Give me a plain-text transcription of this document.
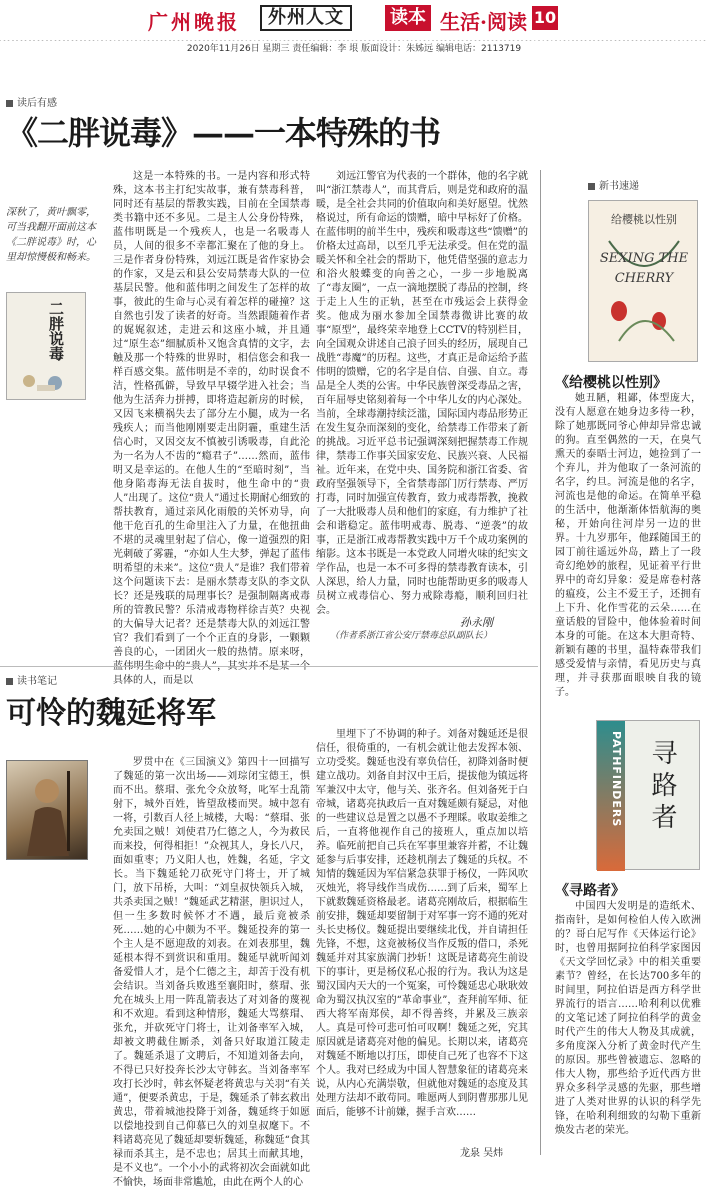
广州晚报	外州人文	读本 生活·阅读 10
2020年11月26日 星期三 责任编辑：李 垠 版面设计：朱姊远 编辑电话：2113719
读后有感
《二胖说毒》——一本特殊的书
深秋了，黄叶飘零，可当我翻开面前这本《二胖说毒》时，心里却惊慢极和畅来。
二胖说毒
这是一本特殊的书。一是内容和形式特殊，这本书主打纪实故事，兼有禁毒科普，同时还有基层的帮教实践，目前在全国禁毒类书籍中还不多见。二是主人公身份特殊，蓝伟明既是一个残疾人，也是一名吸毒人员，人间的很多不幸都汇聚在了他的身上。三是作者身份特殊，刘远江既是省作家协会的作家，又是云和县公安局禁毒大队的一位基层民警。他和蓝伟明之间发生了怎样的故事，彼此的生命与心灵有着怎样的碰撞？这自然也引发了读者的好奇。当然跟随着作者的娓娓叙述，走进云和这座小城，并且通过“原生态”细腻质朴又饱含真情的文字，去触及那一个特殊的世界时，相信您会和我一样百感交集。蓝伟明是不幸的，幼时误食不洁，性格孤僻，导致早早辍学进入社会；当他为生活奔力拼搏，即将造起新房的时候，又因飞来横祸失去了部分左小腿，成为一名残疾人；而当他刚刚要走出阴霾，重建生活信心时，又因交友不慎被引诱吸毒，自此沦为一名为人不齿的“瘾君子”……然而，蓝伟明又是幸运的。在他人生的“至暗时刻”，当他身陷毒海无法自拔时，他生命中的“贵人”出现了。这位“贵人”通过长期耐心细致的帮扶教育，通过亲风化雨般的关怀劝导，向他干危百孔的生命里注入了力量，在他扭曲不堪的灵魂里射起了信心，像一道强烈的阳光刺破了雾霾，“亦如人生大梦，弹起了蓝伟明希望的未来”。这位“贵人”是谁？我们带着这个问题读下去：是丽水禁毒支队的李文队长？还是残联的局理事长？是强制隔离戒毒所的管教民警？乐清戒毒物样徐吉英？央视的大偏导大记者？还是禁毒大队的刘远江警官？我们看到了一个个正直的身影，一颗颗善良的心，一团团火一般的热情。原来呀， 具体的人，而是以
刘远江警官为代表的一个群体，他的名字就叫“浙江禁毒人”，而其背后，则是党和政府的温暖，是全社会共同的价值取向和美好愿望。忧然格说过，所有命运的馈赠，暗中早标好了价格。在蓝伟明的前半生中，残疾和吸毒这些“馈赠”的价格太过高昂，以至几乎无法承受。但在党的温暖关怀和全社会的帮助下，他凭借坚强的意志力和浴火般蝶变的向善之心，一步一步地脱离了“毒友圈”，一点一滴地摆脱了毒品的控制，终于走上人生的正轨，甚至在市残运会上获得金奖。他成为丽水参加全国禁毒微讲比赛的故事“原型”，最终荣幸地登上CCTV的特别栏目，向全国观众讲述自己浪子回头的经历，展现自己战胜“毒魔”的历程。这些，才真正是命运给予蓝伟明的馈赠，它的名字是自信、自强、自立。毒品是全人类的公害。中华民族曾深受毒品之害，百年屈辱史铭刻着每一个中华儿女的内心深处。当前，全球毒潮持续泛滥，国际国内毒品形势正在发生复杂而深刻的变化，给禁毒工作带来了新的挑战。习近平总书记强调深刻把握禁毒工作规律，禁毒工作事关国家安危、民族兴衰、人民福祉。近年来，在党中央、国务院和浙江省委、省政府坚强领导下，全省禁毒部门厉行禁毒、严厉打毒，同时加强宣传教育，致力戒毒帮教，挽救了一大批吸毒人员和他们的家庭，有力维护了社会和谐稳定。蓝伟明戒毒、脱毒、“逆袭”的故事，正是浙江戒毒帮教实践中万千个成功案例的缩影。这本书既是一本党政人同增火味的纪实文学作品，也是一本不可多得的禁毒教育读本，引人深思，给人力量，同时也能帮助更多的吸毒人员树立戒毒信心、努力戒除毒瘾，顺利回归社会。
孙永刚
（作者系浙江省公安厅禁毒总队副队长）
新书速递
给樱桃以性别
SEXING THE CHERRY
《给樱桃以性别》
她丑陋，粗鄙，体型庞大，没有人愿意在她身边多待一秒，除了她那既同爷心伸却异常忠诚的狗。直至偶然的一天，在臭气熏天的泰晤士河边，她捡到了一个弃儿，并为他取了一条河流的名字，约旦。河流是他的名字，河流也是他的命运。在简单平稳的生活中，他渐渐体悟航海的奥秘，开始向往河岸另一边的世界。十九岁那年，他踩随国王的园丁前往遥远外岛，踏上了一段奇幻绝妙的旅程，见证着平行世界中的奇幻异象：爱是席卷村落的瘟疫，公主不爱王子，还拥有上下升、化作雪花的云朵……在童话般的冒险中，他体验着时间本身的可能。在这本大胆奇特、新颖有趣的书里，温特森带我们感受爱情与亲情，看见历史与真理，并寻获那面眼映自我的镜子。
PATHFINDERS 寻路者
《寻路者》
中国四大发明是的造纸术、指南针，是如何检伯人传入欧洲的？哥白尼写作《天体运行论》时，也曾用据阿拉伯科学家图因《天文学回忆录》中的相关重要素节？曾经，在长达700多年的时间里，阿拉伯语是西方科学世界流行的语言……哈利利以优雅的文笔记述了阿拉伯科学的黄金时代产生的伟大人物及其成就，多角度深入分析了黄金时代产生的原因。那些曾被遗忘、忽略的伟大人物，那些给予近代西方世界众多科学灵感的先驱，那些增进了人类对世界的认识的科学先锋，在哈利利细致的勾勒下重新焕发古老的荣光。
读书笔记
可怜的魏延将军
罗贯中在《三国演义》第四十一回描写了魏延的第一次出场——刘琮闭宝德王，惧而不出。蔡瑁、张允令众放弩，叱军士乱箭射下，城外百姓，皆望敌楼而哭。城中忽有一将，引数百人径上城楼，大喝：“蔡瑁、张允卖国之贼！刘使君乃仁德之人，今为救民而来投，何得相拒！”众视其人，身长八尺，面如重枣；乃义阳人也，姓魏，名延，字文长。当下魏延轮刀砍死守门将士，开了城门，放下吊桥，大叫：“刘皇叔快领兵入城，共杀卖国之贼！”魏延武艺精湛，胆识过人，但一生多数时候怀才不遇，最后竟被杀死……她的心中颇为不平。魏延投奔的第一个主人是不愿迎敌的刘表。在刘表那里，魏延根本得不到赏识和重用。魏延早就听闻刘备爱惜人才，是个仁德之主，却苦于没有机会结识。当刘备兵败逃至襄阳时，蔡瑁、张允在城头上用一阵乱箭表达了对刘备的蔑视和不欢迎。看到这种情形，魏延大骂蔡瑁、张允，并砍死守门将士，让刘备率军入城，却被文聘截住厮杀，刘备只好取道江陵走了。魏延杀退了文聘后，不知道刘备去向，不得已只好投奔长沙太守韩玄。当刘备率军攻打长沙时，韩玄怀疑老将黄忠与关羽“有关通”，便要杀黄忠，于是，魏延杀了韩玄救出黄忠，带着城池投降于刘备，魏延终于如愿以偿地投到自己仰慕已久的刘皇叔麾下。不料诸葛亮见了魏延却要斩魏延，称魏延“食其禄而杀其主，是不忠也；居其土而献其地，是不义也”。一个小小的武将初次会面就如此不愉快，场面非常尴尬，由此在两个人的心
里埋下了不协调的种子。刘备对魏延还是很信任，很倚重的，一有机会就让他去发挥本领、立功受奖。魏延也没有辜负信任，初降刘备时便建立战功。刘备自封汉中王后，提拔他为镇远将军兼汉中太守，他与关、张齐名。但刘备死于白帝城，诸葛亮执政后一直对魏延颇有疑忌，对他的一些建议总是置之以愚不予理睬。收取姜维之后，一直将他视作自己的接班人，重点加以培养。临死前把自己兵在军事里兼容并蓄，不让魏延参与后事安排，还趁机削去了魏延的兵权。不知情的魏延因为军信紧急获罪于杨仪，一阵风吹灭烛光，将导线作当成伤……到了后来，蜀军上下就数魏延资格最老。诸葛亮刚故后，根据临生前安排，魏延却要留制于对军事一窍不通的死对头长史杨仪。魏延提出要继续北伐，并自请担任先锋，不想，这竟被杨仪当作反叛的借口，杀死魏延并对其家族满门抄斩！这既是诸葛亮生前设下的事计，更是杨仪私心报的行为。我认为这是蜀汉国内天大的一个冤案，可怜魏延忠心耿耿效命为蜀汉执汉室的“革命事业”，查拜前军师、征西大将军南郑侯，却不得善终，并累及三族亲人。真是可怜可悲可怕可叹啊！魏延之死，究其原因就是诸葛亮对他的偏见。长期以来，诸葛亮对魏延不断地以打压，即使自己死了也容不下这个人。我对已经成为中国人智慧象征的诸葛亮来说，从内心充满崇敬，但就他对魏延的态度及其处理方法却不敢苟同。唯愿两人到阴曹那那儿见面后，能够不计前嫌，握手言欢……
龙泉 吴炜
